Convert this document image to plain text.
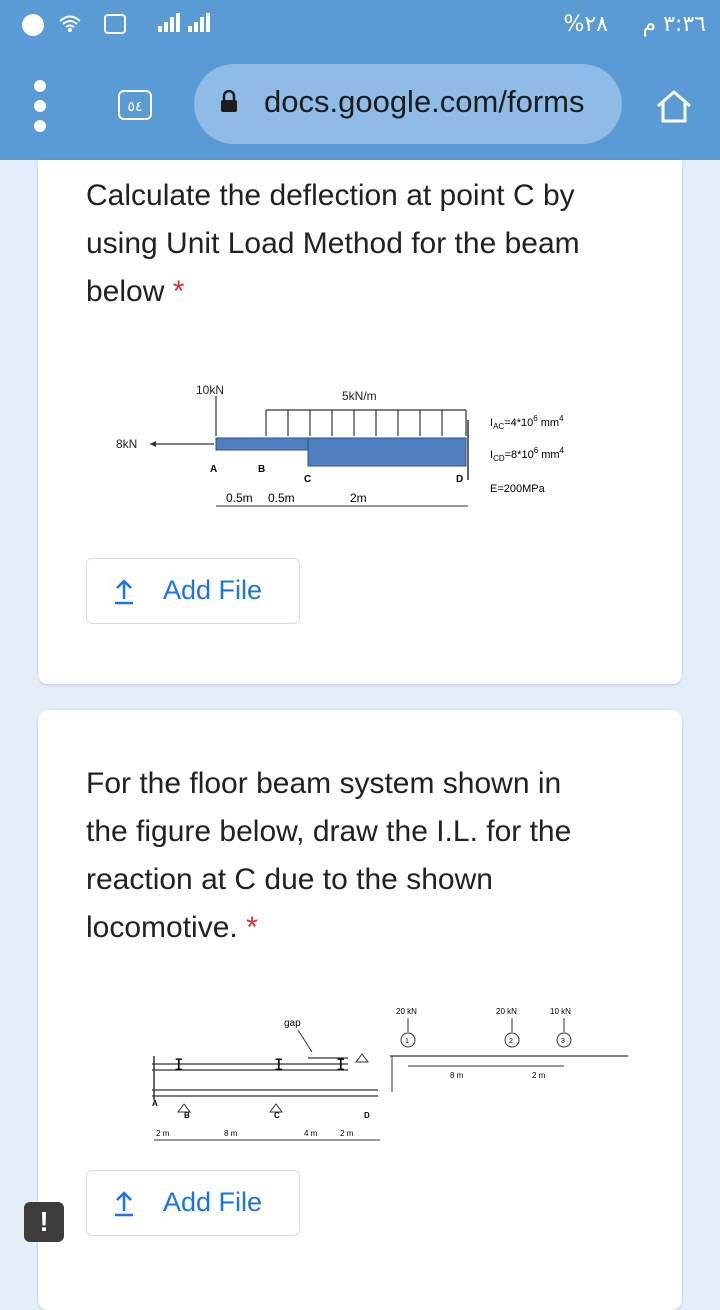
%٢٨ ٣:٣٦ م
٥٤	docs.google.com/forms
Calculate the deflection at point C by
using Unit Load Method for the beam
below *
10kN	5kN/m
8kN
A	B
C	D
0.5m 0.5m	2m
$I_{AC}=4*10^6$ $mm^4$
$I_{CD}=8*10^6$ $mm^4$
E=200MPa
Add File
For the floor beam system shown in
the figure below, draw the I.L. for the
reaction at C due to the shown
locomotive. *
I	I	I
A
B	C	D
gap
2 m	8 m	4 m	2 m
20 kN	20 kN	10 kN
1	2	3
8 m	2 m
Add File
!
